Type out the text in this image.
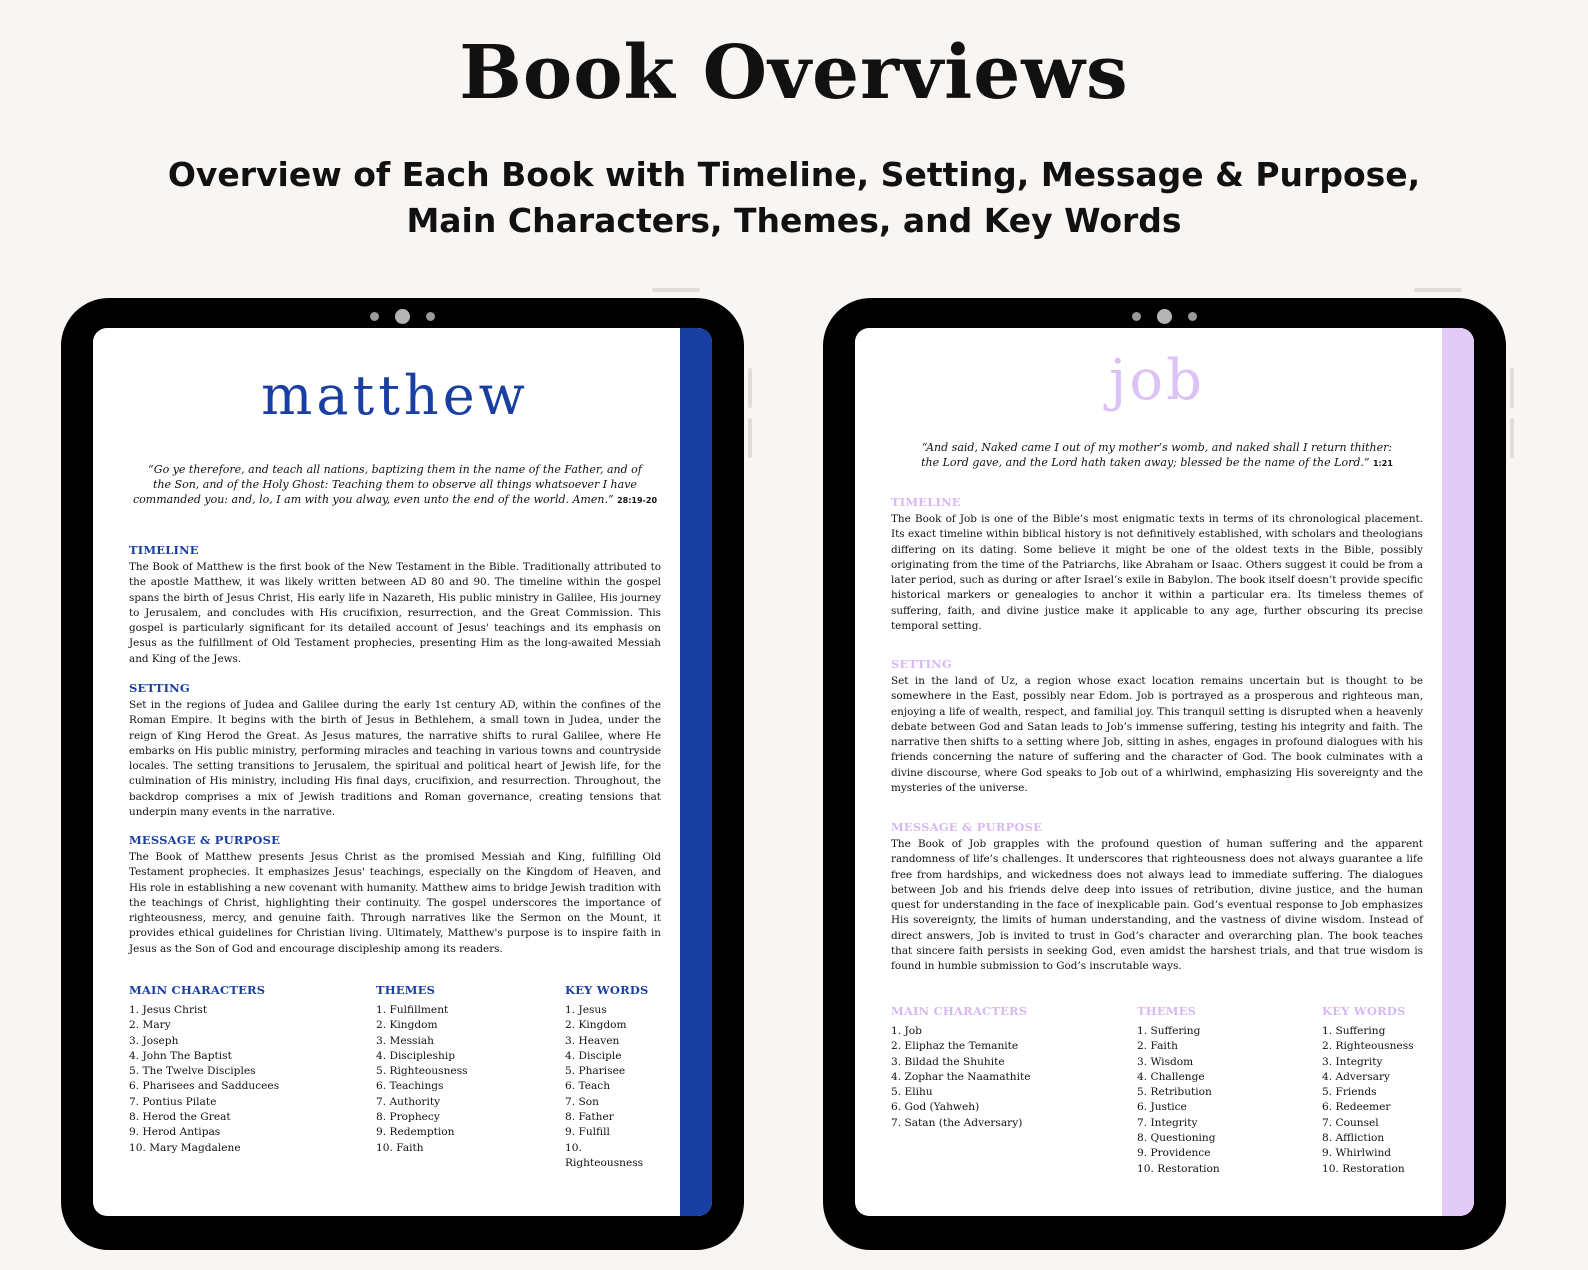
Book Overviews
Overview of Each Book with Timeline, Setting, Message & Purpose,
Main Characters, Themes, and Key Words
matthew
“Go ye therefore, and teach all nations, baptizing them in the name of the Father, and of
the Son, and of the Holy Ghost: Teaching them to observe all things whatsoever I have
commanded you: and, lo, I am with you alway, even unto the end of the world. Amen.” 28:19-20

TIMELINE

The Book of Matthew is the first book of the New Testament in the Bible. Traditionally attributed to the apostle Matthew, it was likely written between AD 80 and 90. The timeline within the gospel spans the birth of Jesus Christ, His early life in Nazareth, His public ministry in Galilee, His journey to Jerusalem, and concludes with His crucifixion, resurrection, and the Great Commission. This gospel is particularly significant for its detailed account of Jesus' teachings and its emphasis on Jesus as the fulfillment of Old Testament prophecies, presenting Him as the long-awaited Messiah and King of the Jews.

SETTING

Set in the regions of Judea and Galilee during the early 1st century AD, within the confines of the Roman Empire. It begins with the birth of Jesus in Bethlehem, a small town in Judea, under the reign of King Herod the Great. As Jesus matures, the narrative shifts to rural Galilee, where He embarks on His public ministry, performing miracles and teaching in various towns and countryside locales. The setting transitions to Jerusalem, the spiritual and political heart of Jewish life, for the culmination of His ministry, including His final days, crucifixion, and resurrection. Throughout, the backdrop comprises a mix of Jewish traditions and Roman governance, creating tensions that underpin many events in the narrative.

MESSAGE & PURPOSE

The Book of Matthew presents Jesus Christ as the promised Messiah and King, fulfilling Old Testament prophecies. It emphasizes Jesus' teachings, especially on the Kingdom of Heaven, and His role in establishing a new covenant with humanity. Matthew aims to bridge Jewish tradition with the teachings of Christ, highlighting their continuity. The gospel underscores the importance of righteousness, mercy, and genuine faith. Through narratives like the Sermon on the Mount, it provides ethical guidelines for Christian living. Ultimately, Matthew's purpose is to inspire faith in Jesus as the Son of God and encourage discipleship among its readers.

MAIN CHARACTERS

1. Jesus Christ
2. Mary
3. Joseph
4. John The Baptist
5. The Twelve Disciples
6. Pharisees and Sadducees
7. Pontius Pilate
8. Herod the Great
9. Herod Antipas
10. Mary Magdalene

THEMES

1. Fulfillment
2. Kingdom
3. Messiah
4. Discipleship
5. Righteousness
6. Teachings
7. Authority
8. Prophecy
9. Redemption
10. Faith

KEY WORDS

1. Jesus
2. Kingdom
3. Heaven
4. Disciple
5. Pharisee
6. Teach
7. Son
8. Father
9. Fulfill
10. Righteousness
job
“And said, Naked came I out of my mother’s womb, and naked shall I return thither:
the Lord gave, and the Lord hath taken away; blessed be the name of the Lord.” 1:21

TIMELINE

The Book of Job is one of the Bible’s most enigmatic texts in terms of its chronological placement. Its exact timeline within biblical history is not definitively established, with scholars and theologians differing on its dating. Some believe it might be one of the oldest texts in the Bible, possibly originating from the time of the Patriarchs, like Abraham or Isaac. Others suggest it could be from a later period, such as during or after Israel’s exile in Babylon. The book itself doesn’t provide specific historical markers or genealogies to anchor it within a particular era. Its timeless themes of suffering, faith, and divine justice make it applicable to any age, further obscuring its precise temporal setting.

SETTING

Set in the land of Uz, a region whose exact location remains uncertain but is thought to be somewhere in the East, possibly near Edom. Job is portrayed as a prosperous and righteous man, enjoying a life of wealth, respect, and familial joy. This tranquil setting is disrupted when a heavenly debate between God and Satan leads to Job’s immense suffering, testing his integrity and faith. The narrative then shifts to a setting where Job, sitting in ashes, engages in profound dialogues with his friends concerning the nature of suffering and the character of God. The book culminates with a divine discourse, where God speaks to Job out of a whirlwind, emphasizing His sovereignty and the mysteries of the universe.

MESSAGE & PURPOSE

The Book of Job grapples with the profound question of human suffering and the apparent randomness of life’s challenges. It underscores that righteousness does not always guarantee a life free from hardships, and wickedness does not always lead to immediate suffering. The dialogues between Job and his friends delve deep into issues of retribution, divine justice, and the human quest for understanding in the face of inexplicable pain. God’s eventual response to Job emphasizes His sovereignty, the limits of human understanding, and the vastness of divine wisdom. Instead of direct answers, Job is invited to trust in God’s character and overarching plan. The book teaches that sincere faith persists in seeking God, even amidst the harshest trials, and that true wisdom is found in humble submission to God’s inscrutable ways.

MAIN CHARACTERS

1. Job
2. Eliphaz the Temanite
3. Bildad the Shuhite
4. Zophar the Naamathite
5. Elihu
6. God (Yahweh)
7. Satan (the Adversary)

THEMES

1. Suffering
2. Faith
3. Wisdom
4. Challenge
5. Retribution
6. Justice
7. Integrity
8. Questioning
9. Providence
10. Restoration

KEY WORDS

1. Suffering
2. Righteousness
3. Integrity
4. Adversary
5. Friends
6. Redeemer
7. Counsel
8. Affliction
9. Whirlwind
10. Restoration
